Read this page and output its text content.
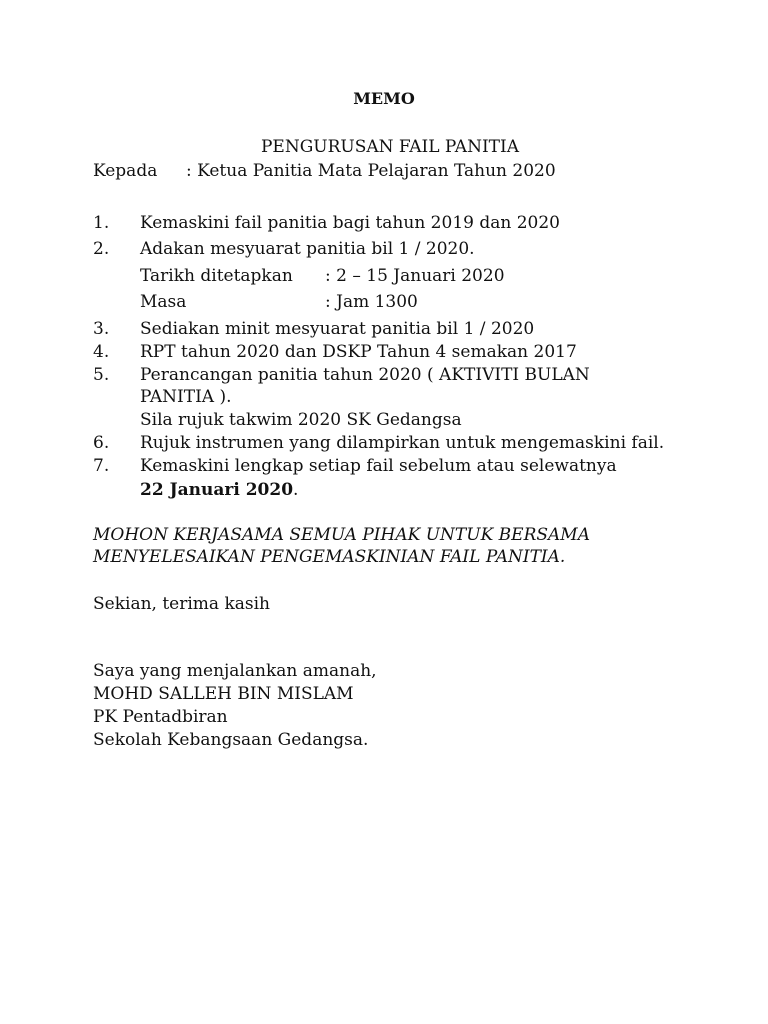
MEMO
PENGURUSAN FAIL PANITIA
Kepada : Ketua Panitia Mata Pelajaran Tahun 2020
1. Kemaskini fail panitia bagi tahun 2019 dan 2020
2. Adakan mesyuarat panitia bil 1 / 2020.
Tarikh ditetapkan : 2 – 15 Januari 2020
Masa	: Jam 1300
3. Sediakan minit mesyuarat panitia bil 1 / 2020
4. RPT tahun 2020 dan DSKP Tahun 4 semakan 2017
5. Perancangan panitia tahun 2020 ( AKTIVITI BULAN
PANITIA ).
Sila rujuk takwim 2020 SK Gedangsa
6. Rujuk instrumen yang dilampirkan untuk mengemaskini fail.
7. Kemaskini lengkap setiap fail sebelum atau selewatnya
22 Januari 2020.
MOHON KERJASAMA SEMUA PIHAK UNTUK BERSAMA
MENYELESAIKAN PENGEMASKINIAN FAIL PANITIA.
Sekian, terima kasih
Saya yang menjalankan amanah,
MOHD SALLEH BIN MISLAM
PK Pentadbiran
Sekolah Kebangsaan Gedangsa.
